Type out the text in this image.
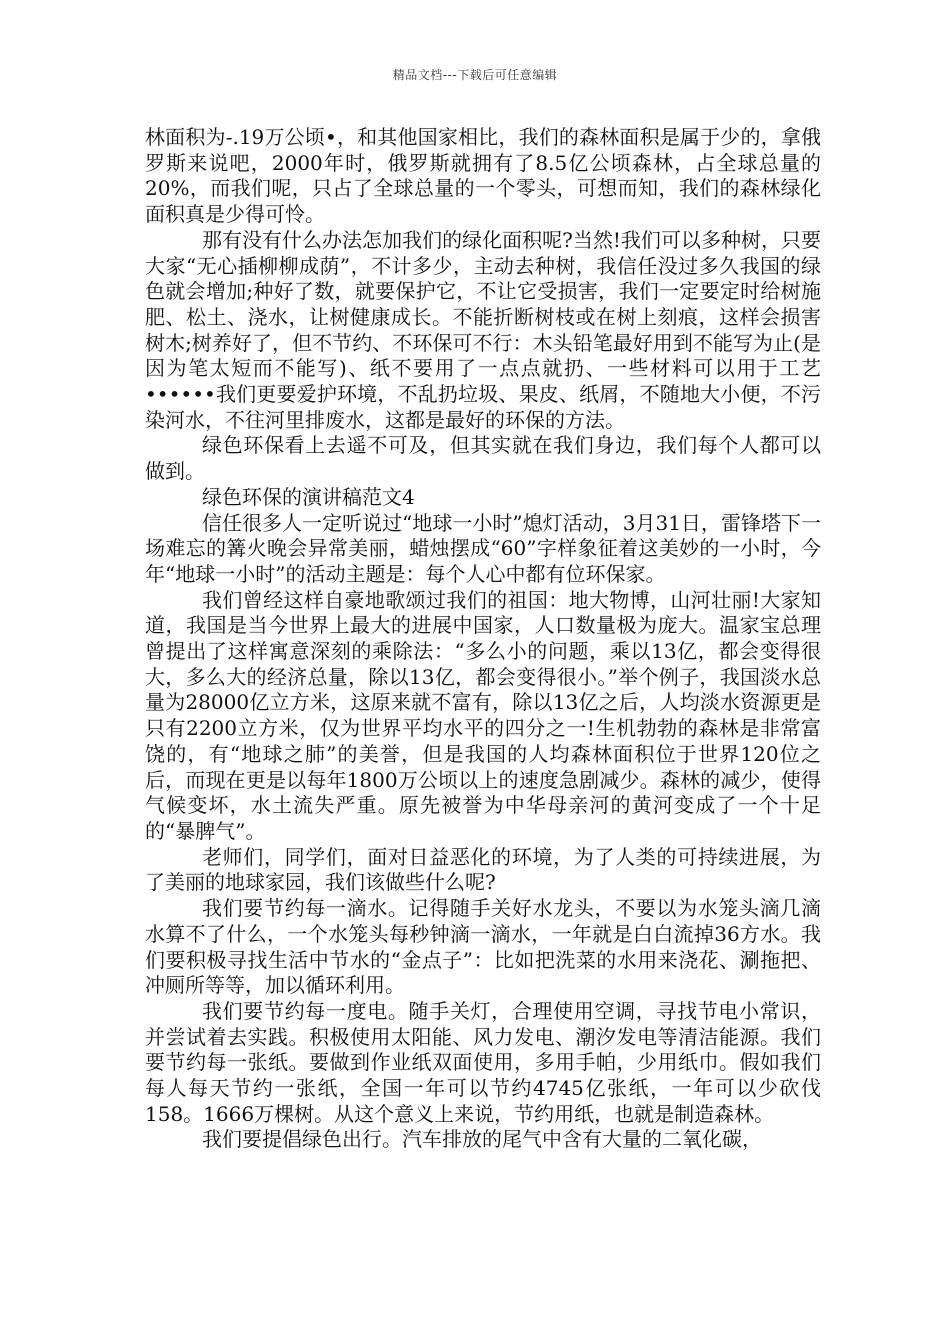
精品文档---下载后可任意编辑

林面积为-.19万公顷•，和其他国家相比，我们的森林面积是属于少的，拿俄罗斯来说吧，2000年时，俄罗斯就拥有了8.5亿公顷森林，占全球总量的20%，而我们呢，只占了全球总量的一个零头，可想而知，我们的森林绿化面积真是少得可怜。

那有没有什么办法怎加我们的绿化面积呢?当然!我们可以多种树，只要大家“无心插柳柳成荫”，不计多少，主动去种树，我信任没过多久我国的绿色就会增加;种好了数，就要保护它，不让它受损害，我们一定要定时给树施肥、松土、浇水，让树健康成长。不能折断树枝或在树上刻痕，这样会损害树木;树养好了，但不节约、不环保可不行：木头铅笔最好用到不能写为止(是因为笔太短而不能写)、纸不要用了一点点就扔、一些材料可以用于工艺••••••我们更要爱护环境，不乱扔垃圾、果皮、纸屑，不随地大小便，不污染河水，不往河里排废水，这都是最好的环保的方法。

绿色环保看上去遥不可及，但其实就在我们身边，我们每个人都可以做到。

绿色环保的演讲稿范文4

信任很多人一定听说过“地球一小时”熄灯活动，3月31日，雷锋塔下一场难忘的篝火晚会异常美丽，蜡烛摆成“60”字样象征着这美妙的一小时，今年“地球一小时”的活动主题是：每个人心中都有位环保家。

我们曾经这样自豪地歌颂过我们的祖国：地大物博，山河壮丽!大家知道，我国是当今世界上最大的进展中国家，人口数量极为庞大。温家宝总理曾提出了这样寓意深刻的乘除法：“多么小的问题，乘以13亿，都会变得很大，多么大的经济总量，除以13亿，都会变得很小。”举个例子，我国淡水总量为28000亿立方米，这原来就不富有，除以13亿之后，人均淡水资源更是只有2200立方米，仅为世界平均水平的四分之一!生机勃勃的森林是非常富饶的，有“地球之肺”的美誉，但是我国的人均森林面积位于世界120位之后，而现在更是以每年1800万公顷以上的速度急剧减少。森林的减少，使得气候变坏，水土流失严重。原先被誉为中华母亲河的黄河变成了一个十足的“暴脾气”。

老师们，同学们，面对日益恶化的环境，为了人类的可持续进展，为了美丽的地球家园，我们该做些什么呢?

我们要节约每一滴水。记得随手关好水龙头，不要以为水笼头滴几滴水算不了什么，一个水笼头每秒钟滴一滴水，一年就是白白流掉36方水。我们要积极寻找生活中节水的“金点子”：比如把洗菜的水用来浇花、涮拖把、冲厕所等等，加以循环利用。

我们要节约每一度电。随手关灯，合理使用空调，寻找节电小常识，并尝试着去实践。积极使用太阳能、风力发电、潮汐发电等清洁能源。我们要节约每一张纸。要做到作业纸双面使用，多用手帕，少用纸巾。假如我们每人每天节约一张纸，全国一年可以节约4745亿张纸，一年可以少砍伐158。1666万棵树。从这个意义上来说，节约用纸，也就是制造森林。

我们要提倡绿色出行。汽车排放的尾气中含有大量的二氧化碳，
